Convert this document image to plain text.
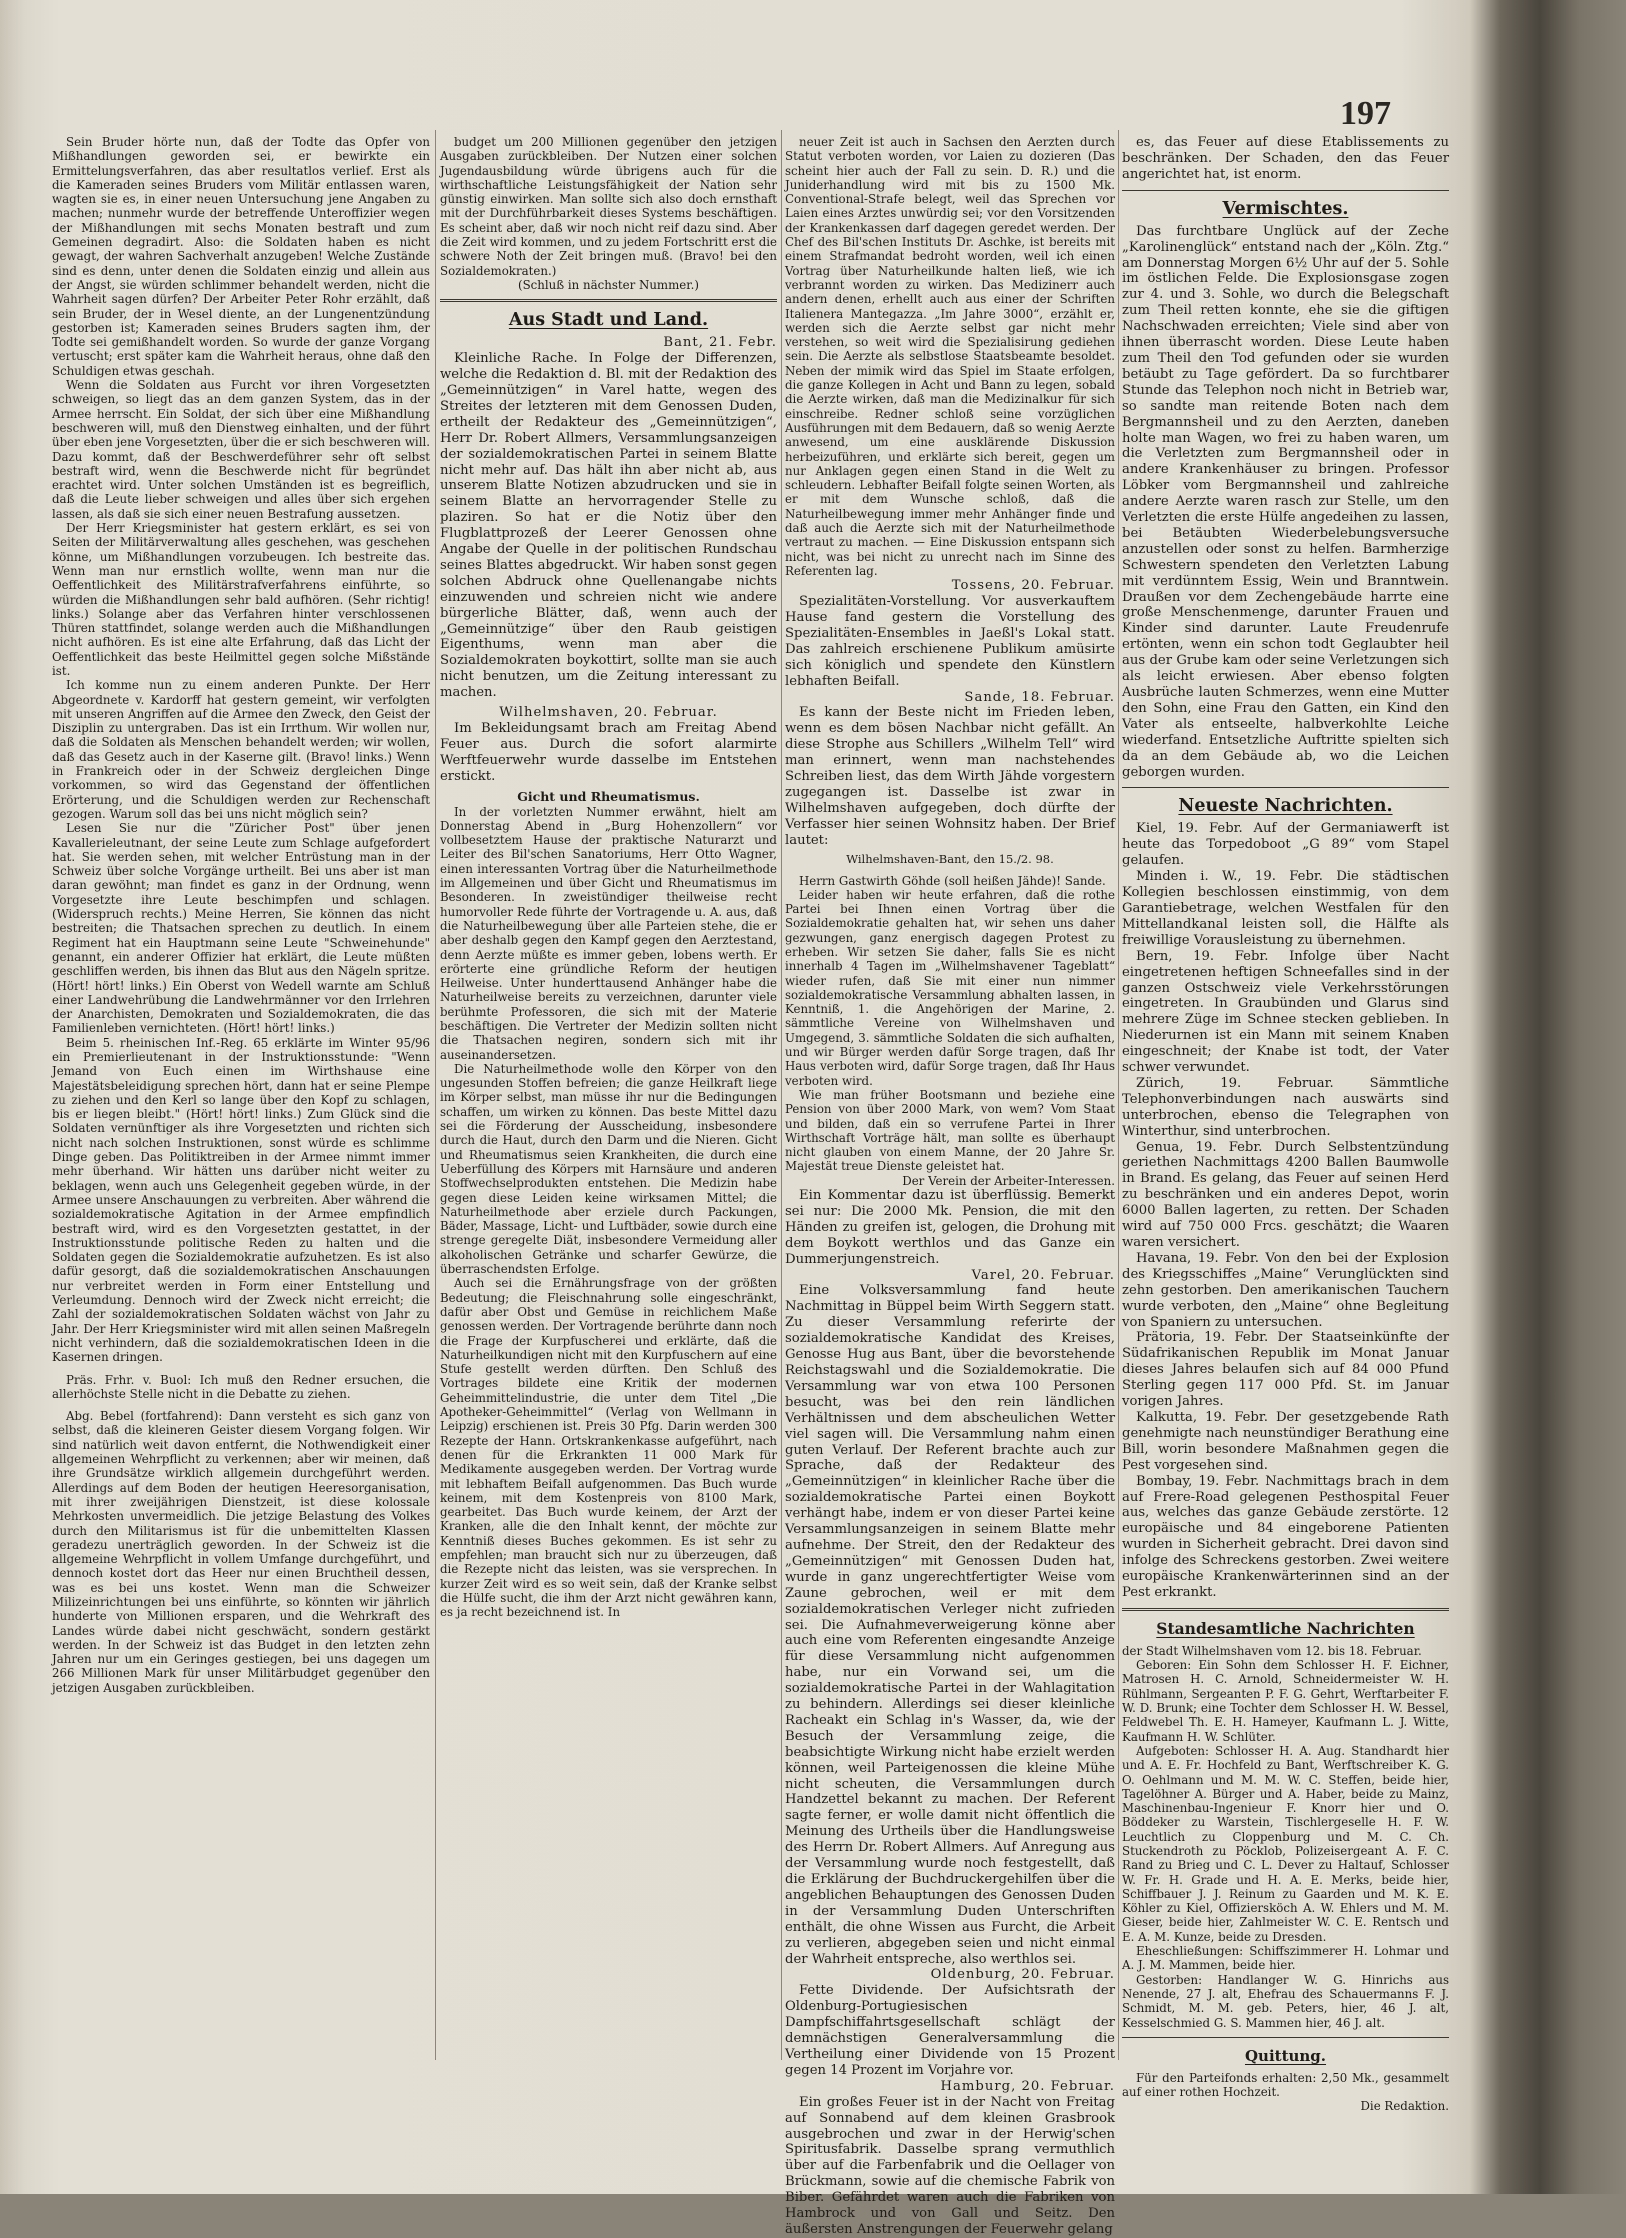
197

Sein Bruder hörte nun, daß der Todte das Opfer von Mißhandlungen geworden sei, er bewirkte ein Ermittelungsverfahren, das aber resultatlos verlief. Erst als die Kameraden seines Bruders vom Militär entlassen waren, wagten sie es, in einer neuen Untersuchung jene Angaben zu machen; nunmehr wurde der betreffende Unteroffizier wegen der Mißhandlungen mit sechs Monaten bestraft und zum Gemeinen degradirt. Also: die Soldaten haben es nicht gewagt, der wahren Sachverhalt anzugeben! Welche Zustände sind es denn, unter denen die Soldaten einzig und allein aus der Angst, sie würden schlimmer behandelt werden, nicht die Wahrheit sagen dürfen? Der Arbeiter Peter Rohr erzählt, daß sein Bruder, der in Wesel diente, an der Lungenentzündung gestorben ist; Kameraden seines Bruders sagten ihm, der Todte sei gemißhandelt worden. So wurde der ganze Vorgang vertuscht; erst später kam die Wahrheit heraus, ohne daß den Schuldigen etwas geschah.

Wenn die Soldaten aus Furcht vor ihren Vorgesetzten schweigen, so liegt das an dem ganzen System, das in der Armee herrscht. Ein Soldat, der sich über eine Mißhandlung beschweren will, muß den Dienstweg einhalten, und der führt über eben jene Vorgesetzten, über die er sich beschweren will. Dazu kommt, daß der Beschwerdeführer sehr oft selbst bestraft wird, wenn die Beschwerde nicht für begründet erachtet wird. Unter solchen Umständen ist es begreiflich, daß die Leute lieber schweigen und alles über sich ergehen lassen, als daß sie sich einer neuen Bestrafung aussetzen.

Der Herr Kriegsminister hat gestern erklärt, es sei von Seiten der Militärverwaltung alles geschehen, was geschehen könne, um Mißhandlungen vorzubeugen. Ich bestreite das. Wenn man nur ernstlich wollte, wenn man nur die Oeffentlichkeit des Militärstrafverfahrens einführte, so würden die Mißhandlungen sehr bald aufhören. (Sehr richtig! links.) Solange aber das Verfahren hinter verschlossenen Thüren stattfindet, solange werden auch die Mißhandlungen nicht aufhören. Es ist eine alte Erfahrung, daß das Licht der Oeffentlichkeit das beste Heilmittel gegen solche Mißstände ist.

Ich komme nun zu einem anderen Punkte. Der Herr Abgeordnete v. Kardorff hat gestern gemeint, wir verfolgten mit unseren Angriffen auf die Armee den Zweck, den Geist der Disziplin zu untergraben. Das ist ein Irrthum. Wir wollen nur, daß die Soldaten als Menschen behandelt werden; wir wollen, daß das Gesetz auch in der Kaserne gilt. (Bravo! links.) Wenn in Frankreich oder in der Schweiz dergleichen Dinge vorkommen, so wird das Gegenstand der öffentlichen Erörterung, und die Schuldigen werden zur Rechenschaft gezogen. Warum soll das bei uns nicht möglich sein?

Lesen Sie nur die "Züricher Post" über jenen Kavallerieleutnant, der seine Leute zum Schlage aufgefordert hat. Sie werden sehen, mit welcher Entrüstung man in der Schweiz über solche Vorgänge urtheilt. Bei uns aber ist man daran gewöhnt; man findet es ganz in der Ordnung, wenn Vorgesetzte ihre Leute beschimpfen und schlagen. (Widerspruch rechts.) Meine Herren, Sie können das nicht bestreiten; die Thatsachen sprechen zu deutlich. In einem Regiment hat ein Hauptmann seine Leute "Schweinehunde" genannt, ein anderer Offizier hat erklärt, die Leute müßten geschliffen werden, bis ihnen das Blut aus den Nägeln spritze. (Hört! hört! links.) Ein Oberst von Wedell warnte am Schluß einer Landwehrübung die Landwehrmänner vor den Irrlehren der Anarchisten, Demokraten und Sozialdemokraten, die das Familienleben vernichteten. (Hört! hört! links.)

Beim 5. rheinischen Inf.-Reg. 65 erklärte im Winter 95/96 ein Premierlieutenant in der Instruktionsstunde: "Wenn Jemand von Euch einen im Wirthshause eine Majestätsbeleidigung sprechen hört, dann hat er seine Plempe zu ziehen und den Kerl so lange über den Kopf zu schlagen, bis er liegen bleibt." (Hört! hört! links.) Zum Glück sind die Soldaten vernünftiger als ihre Vorgesetzten und richten sich nicht nach solchen Instruktionen, sonst würde es schlimme Dinge geben. Das Politiktreiben in der Armee nimmt immer mehr überhand. Wir hätten uns darüber nicht weiter zu beklagen, wenn auch uns Gelegenheit gegeben würde, in der Armee unsere Anschauungen zu verbreiten. Aber während die sozialdemokratische Agitation in der Armee empfindlich bestraft wird, wird es den Vorgesetzten gestattet, in der Instruktionsstunde politische Reden zu halten und die Soldaten gegen die Sozialdemokratie aufzuhetzen. Es ist also dafür gesorgt, daß die sozialdemokratischen Anschauungen nur verbreitet werden in Form einer Entstellung und Verleumdung. Dennoch wird der Zweck nicht erreicht; die Zahl der sozialdemokratischen Soldaten wächst von Jahr zu Jahr. Der Herr Kriegsminister wird mit allen seinen Maßregeln nicht verhindern, daß die sozialdemokratischen Ideen in die Kasernen dringen.

Präs. Frhr. v. Buol: Ich muß den Redner ersuchen, die allerhöchste Stelle nicht in die Debatte zu ziehen.

Abg. Bebel (fortfahrend): Dann versteht es sich ganz von selbst, daß die kleineren Geister diesem Vorgang folgen. Wir sind natürlich weit davon entfernt, die Nothwendigkeit einer allgemeinen Wehrpflicht zu verkennen; aber wir meinen, daß ihre Grundsätze wirklich allgemein durchgeführt werden. Allerdings auf dem Boden der heutigen Heeresorganisation, mit ihrer zweijährigen Dienstzeit, ist diese kolossale Mehrkosten unvermeidlich. Die jetzige Belastung des Volkes durch den Militarismus ist für die unbemittelten Klassen geradezu unerträglich geworden. In der Schweiz ist die allgemeine Wehrpflicht in vollem Umfange durchgeführt, und dennoch kostet dort das Heer nur einen Bruchtheil dessen, was es bei uns kostet. Wenn man die Schweizer Milizeinrichtungen bei uns einführte, so könnten wir jährlich hunderte von Millionen ersparen, und die Wehrkraft des Landes würde dabei nicht geschwächt, sondern gestärkt werden. In der Schweiz ist das Budget in den letzten zehn Jahren nur um ein Geringes gestiegen, bei uns dagegen um 266 Millionen Mark für unser Militärbudget gegenüber den jetzigen Ausgaben zurückbleiben.

budget um 200 Millionen gegenüber den jetzigen Ausgaben zurückbleiben. Der Nutzen einer solchen Jugendausbildung würde übrigens auch für die wirthschaftliche Leistungsfähigkeit der Nation sehr günstig einwirken. Man sollte sich also doch ernsthaft mit der Durchführbarkeit dieses Systems beschäftigen. Es scheint aber, daß wir noch nicht reif dazu sind. Aber die Zeit wird kommen, und zu jedem Fortschritt erst die schwere Noth der Zeit bringen muß. (Bravo! bei den Sozialdemokraten.)

(Schluß in nächster Nummer.)

Aus Stadt und Land.

Bant, 21. Febr.

Kleinliche Rache. In Folge der Differenzen, welche die Redaktion d. Bl. mit der Redaktion des „Gemeinnützigen“ in Varel hatte, wegen des Streites der letzteren mit dem Genossen Duden, ertheilt der Redakteur des „Gemeinnützigen“, Herr Dr. Robert Allmers, Versammlungsanzeigen der sozialdemokratischen Partei in seinem Blatte nicht mehr auf. Das hält ihn aber nicht ab, aus unserem Blatte Notizen abzudrucken und sie in seinem Blatte an hervorragender Stelle zu plaziren. So hat er die Notiz über den Flugblattprozeß der Leerer Genossen ohne Angabe der Quelle in der politischen Rundschau seines Blattes abgedruckt. Wir haben sonst gegen solchen Abdruck ohne Quellenangabe nichts einzuwenden und schreien nicht wie andere bürgerliche Blätter, daß, wenn auch der „Gemeinnützige“ über den Raub geistigen Eigenthums, wenn man aber die Sozialdemokraten boykottirt, sollte man sie auch nicht benutzen, um die Zeitung interessant zu machen.

Wilhelmshaven, 20. Februar.

Im Bekleidungsamt brach am Freitag Abend Feuer aus. Durch die sofort alarmirte Werftfeuerwehr wurde dasselbe im Entstehen erstickt.

Gicht und Rheumatismus.

In der vorletzten Nummer erwähnt, hielt am Donnerstag Abend in „Burg Hohenzollern“ vor vollbesetztem Hause der praktische Naturarzt und Leiter des Bil'schen Sanatoriums, Herr Otto Wagner, einen interessanten Vortrag über die Naturheilmethode im Allgemeinen und über Gicht und Rheumatismus im Besonderen. In zweistündiger theilweise recht humorvoller Rede führte der Vortragende u. A. aus, daß die Naturheilbewegung über alle Parteien stehe, die er aber deshalb gegen den Kampf gegen den Aerztestand, denn Aerzte müßte es immer geben, lobens werth. Er erörterte eine gründliche Reform der heutigen Heilweise. Unter hunderttausend Anhänger habe die Naturheilweise bereits zu verzeichnen, darunter viele berühmte Professoren, die sich mit der Materie beschäftigen. Die Vertreter der Medizin sollten nicht die Thatsachen negiren, sondern sich mit ihr auseinandersetzen.

Die Naturheilmethode wolle den Körper von den ungesunden Stoffen befreien; die ganze Heilkraft liege im Körper selbst, man müsse ihr nur die Bedingungen schaffen, um wirken zu können. Das beste Mittel dazu sei die Förderung der Ausscheidung, insbesondere durch die Haut, durch den Darm und die Nieren. Gicht und Rheumatismus seien Krankheiten, die durch eine Ueberfüllung des Körpers mit Harnsäure und anderen Stoffwechselprodukten entstehen. Die Medizin habe gegen diese Leiden keine wirksamen Mittel; die Naturheilmethode aber erziele durch Packungen, Bäder, Massage, Licht- und Luftbäder, sowie durch eine strenge geregelte Diät, insbesondere Vermeidung aller alkoholischen Getränke und scharfer Gewürze, die überraschendsten Erfolge.

Auch sei die Ernährungsfrage von der größten Bedeutung; die Fleischnahrung solle eingeschränkt, dafür aber Obst und Gemüse in reichlichem Maße genossen werden. Der Vortragende berührte dann noch die Frage der Kurpfuscherei und erklärte, daß die Naturheilkundigen nicht mit den Kurpfuschern auf eine Stufe gestellt werden dürften. Den Schluß des Vortrages bildete eine Kritik der modernen Geheimmittelindustrie, die unter dem Titel „Die Apotheker-Geheimmittel“ (Verlag von Wellmann in Leipzig) erschienen ist. Preis 30 Pfg. Darin werden 300 Rezepte der Hann. Ortskrankenkasse aufgeführt, nach denen für die Erkrankten 11 000 Mark für Medikamente ausgegeben werden. Der Vortrag wurde mit lebhaftem Beifall aufgenommen. Das Buch wurde keinem, mit dem Kostenpreis von 8100 Mark, gearbeitet. Das Buch wurde keinem, der Arzt der Kranken, alle die den Inhalt kennt, der möchte zur Kenntniß dieses Buches gekommen. Es ist sehr zu empfehlen; man braucht sich nur zu überzeugen, daß die Rezepte nicht das leisten, was sie versprechen. In kurzer Zeit wird es so weit sein, daß der Kranke selbst die Hülfe sucht, die ihm der Arzt nicht gewähren kann, es ja recht bezeichnend ist. In

neuer Zeit ist auch in Sachsen den Aerzten durch Statut verboten worden, vor Laien zu dozieren (Das scheint hier auch der Fall zu sein. D. R.) und die Juniderhandlung wird mit bis zu 1500 Mk. Conventional-Strafe belegt, weil das Sprechen vor Laien eines Arztes unwürdig sei; vor den Vorsitzenden der Krankenkassen darf dagegen geredet werden. Der Chef des Bil'schen Instituts Dr. Aschke, ist bereits mit einem Strafmandat bedroht worden, weil ich einen Vortrag über Naturheilkunde halten ließ, wie ich verbrannt worden zu wirken. Das Medizinerr auch andern denen, erhellt auch aus einer der Schriften Italienera Mantegazza. „Im Jahre 3000“, erzählt er, werden sich die Aerzte selbst gar nicht mehr verstehen, so weit wird die Spezialisirung gediehen sein. Die Aerzte als selbstlose Staatsbeamte besoldet. Neben der mimik wird das Spiel im Staate erfolgen, die ganze Kollegen in Acht und Bann zu legen, sobald die Aerzte wirken, daß man die Medizinalkur für sich einschreibe. Redner schloß seine vorzüglichen Ausführungen mit dem Bedauern, daß so wenig Aerzte anwesend, um eine ausklärende Diskussion herbeizuführen, und erklärte sich bereit, gegen um nur Anklagen gegen einen Stand in die Welt zu schleudern. Lebhafter Beifall folgte seinen Worten, als er mit dem Wunsche schloß, daß die Naturheilbewegung immer mehr Anhänger finde und daß auch die Aerzte sich mit der Naturheilmethode vertraut zu machen. — Eine Diskussion entspann sich nicht, was bei nicht zu unrecht nach im Sinne des Referenten lag.

Tossens, 20. Februar.

Spezialitäten-Vorstellung. Vor ausverkauftem Hause fand gestern die Vorstellung des Spezialitäten-Ensembles in Jaeßl's Lokal statt. Das zahlreich erschienene Publikum amüsirte sich königlich und spendete den Künstlern lebhaften Beifall.

Sande, 18. Februar.

Es kann der Beste nicht im Frieden leben, wenn es dem bösen Nachbar nicht gefällt. An diese Strophe aus Schillers „Wilhelm Tell“ wird man erinnert, wenn man nachstehendes Schreiben liest, das dem Wirth Jähde vorgestern zugegangen ist. Dasselbe ist zwar in Wilhelmshaven aufgegeben, doch dürfte der Verfasser hier seinen Wohnsitz haben. Der Brief lautet:

Wilhelmshaven-Bant, den 15./2. 98.

Herrn Gastwirth Göhde (soll heißen Jähde)! Sande.

Leider haben wir heute erfahren, daß die rothe Partei bei Ihnen einen Vortrag über die Sozialdemokratie gehalten hat, wir sehen uns daher gezwungen, ganz energisch dagegen Protest zu erheben. Wir setzen Sie daher, falls Sie es nicht innerhalb 4 Tagen im „Wilhelmshavener Tageblatt“ wieder rufen, daß Sie mit einer nun nimmer sozialdemokratische Versammlung abhalten lassen, in Kenntniß, 1. die Angehörigen der Marine, 2. sämmtliche Vereine von Wilhelmshaven und Umgegend, 3. sämmtliche Soldaten die sich aufhalten, und wir Bürger werden dafür Sorge tragen, daß Ihr Haus verboten wird, dafür Sorge tragen, daß Ihr Haus verboten wird.

Wie man früher Bootsmann und beziehe eine Pension von über 2000 Mark, von wem? Vom Staat und bilden, daß ein so verrufene Partei in Ihrer Wirthschaft Vorträge hält, man sollte es überhaupt nicht glauben von einem Manne, der 20 Jahre Sr. Majestät treue Dienste geleistet hat.

Der Verein der Arbeiter-Interessen.

Ein Kommentar dazu ist überflüssig. Bemerkt sei nur: Die 2000 Mk. Pension, die mit den Händen zu greifen ist, gelogen, die Drohung mit dem Boykott werthlos und das Ganze ein Dummerjungenstreich.

Varel, 20. Februar.

Eine Volksversammlung fand heute Nachmittag in Büppel beim Wirth Seggern statt. Zu dieser Versammlung referirte der sozialdemokratische Kandidat des Kreises, Genosse Hug aus Bant, über die bevorstehende Reichstagswahl und die Sozialdemokratie. Die Versammlung war von etwa 100 Personen besucht, was bei den rein ländlichen Verhältnissen und dem abscheulichen Wetter viel sagen will. Die Versammlung nahm einen guten Verlauf. Der Referent brachte auch zur Sprache, daß der Redakteur des „Gemeinnützigen“ in kleinlicher Rache über die sozialdemokratische Partei einen Boykott verhängt habe, indem er von dieser Partei keine Versammlungsanzeigen in seinem Blatte mehr aufnehme. Der Streit, den der Redakteur des „Gemeinnützigen“ mit Genossen Duden hat, wurde in ganz ungerechtfertigter Weise vom Zaune gebrochen, weil er mit dem sozialdemokratischen Verleger nicht zufrieden sei. Die Aufnahmeverweigerung könne aber auch eine vom Referenten eingesandte Anzeige für diese Versammlung nicht aufgenommen habe, nur ein Vorwand sei, um die sozialdemokratische Partei in der Wahlagitation zu behindern. Allerdings sei dieser kleinliche Racheakt ein Schlag in's Wasser, da, wie der Besuch der Versammlung zeige, die beabsichtigte Wirkung nicht habe erzielt werden können, weil Parteigenossen die kleine Mühe nicht scheuten, die Versammlungen durch Handzettel bekannt zu machen. Der Referent sagte ferner, er wolle damit nicht öffentlich die Meinung des Urtheils über die Handlungsweise des Herrn Dr. Robert Allmers. Auf Anregung aus der Versammlung wurde noch festgestellt, daß die Erklärung der Buchdruckergehilfen über die angeblichen Behauptungen des Genossen Duden in der Versammlung Duden Unterschriften enthält, die ohne Wissen aus Furcht, die Arbeit zu verlieren, abgegeben seien und nicht einmal der Wahrheit entspreche, also werthlos sei.

Oldenburg, 20. Februar.

Fette Dividende. Der Aufsichtsrath der Oldenburg-Portugiesischen Dampfschiffahrtsgesellschaft schlägt der demnächstigen Generalversammlung die Vertheilung einer Dividende von 15 Prozent gegen 14 Prozent im Vorjahre vor.

Hamburg, 20. Februar.

Ein großes Feuer ist in der Nacht von Freitag auf Sonnabend auf dem kleinen Grasbrook ausgebrochen und zwar in der Herwig'schen Spiritusfabrik. Dasselbe sprang vermuthlich über auf die Farbenfabrik und die Oellager von Brückmann, sowie auf die chemische Fabrik von Biber. Gefährdet waren auch die Fabriken von Hambrock und von Gall und Seitz. Den äußersten Anstrengungen der Feuerwehr gelang

es, das Feuer auf diese Etablissements zu beschränken. Der Schaden, den das Feuer angerichtet hat, ist enorm.

Vermischtes.

Das furchtbare Unglück auf der Zeche „Karolinenglück“ entstand nach der „Köln. Ztg.“ am Donnerstag Morgen 6½ Uhr auf der 5. Sohle im östlichen Felde. Die Explosionsgase zogen zur 4. und 3. Sohle, wo durch die Belegschaft zum Theil retten konnte, ehe sie die giftigen Nachschwaden erreichten; Viele sind aber von ihnen überrascht worden. Diese Leute haben zum Theil den Tod gefunden oder sie wurden betäubt zu Tage gefördert. Da so furchtbarer Stunde das Telephon noch nicht in Betrieb war, so sandte man reitende Boten nach dem Bergmannsheil und zu den Aerzten, daneben holte man Wagen, wo frei zu haben waren, um die Verletzten zum Bergmannsheil oder in andere Krankenhäuser zu bringen. Professor Löbker vom Bergmannsheil und zahlreiche andere Aerzte waren rasch zur Stelle, um den Verletzten die erste Hülfe angedeihen zu lassen, bei Betäubten Wiederbelebungsversuche anzustellen oder sonst zu helfen. Barmherzige Schwestern spendeten den Verletzten Labung mit verdünntem Essig, Wein und Branntwein. Draußen vor dem Zechengebäude harrte eine große Menschenmenge, darunter Frauen und Kinder sind darunter. Laute Freudenrufe ertönten, wenn ein schon todt Geglaubter heil aus der Grube kam oder seine Verletzungen sich als leicht erwiesen. Aber ebenso folgten Ausbrüche lauten Schmerzes, wenn eine Mutter den Sohn, eine Frau den Gatten, ein Kind den Vater als entseelte, halbverkohlte Leiche wiederfand. Entsetzliche Auftritte spielten sich da an dem Gebäude ab, wo die Leichen geborgen wurden.

Neueste Nachrichten.

Kiel, 19. Febr. Auf der Germaniawerft ist heute das Torpedoboot „G 89“ vom Stapel gelaufen.

Minden i. W., 19. Febr. Die städtischen Kollegien beschlossen einstimmig, von dem Garantiebetrage, welchen Westfalen für den Mittellandkanal leisten soll, die Hälfte als freiwillige Vorausleistung zu übernehmen.

Bern, 19. Febr. Infolge über Nacht eingetretenen heftigen Schneefalles sind in der ganzen Ostschweiz viele Verkehrsstörungen eingetreten. In Graubünden und Glarus sind mehrere Züge im Schnee stecken geblieben. In Niederurnen ist ein Mann mit seinem Knaben eingeschneit; der Knabe ist todt, der Vater schwer verwundet.

Zürich, 19. Februar. Sämmtliche Telephonverbindungen nach auswärts sind unterbrochen, ebenso die Telegraphen von Winterthur, sind unterbrochen.

Genua, 19. Febr. Durch Selbstentzündung geriethen Nachmittags 4200 Ballen Baumwolle in Brand. Es gelang, das Feuer auf seinen Herd zu beschränken und ein anderes Depot, worin 6000 Ballen lagerten, zu retten. Der Schaden wird auf 750 000 Frcs. geschätzt; die Waaren waren versichert.

Havana, 19. Febr. Von den bei der Explosion des Kriegsschiffes „Maine“ Verunglückten sind zehn gestorben. Den amerikanischen Tauchern wurde verboten, den „Maine“ ohne Begleitung von Spaniern zu untersuchen.

Prätoria, 19. Febr. Der Staatseinkünfte der Südafrikanischen Republik im Monat Januar dieses Jahres belaufen sich auf 84 000 Pfund Sterling gegen 117 000 Pfd. St. im Januar vorigen Jahres.

Kalkutta, 19. Febr. Der gesetzgebende Rath genehmigte nach neunstündiger Berathung eine Bill, worin besondere Maßnahmen gegen die Pest vorgesehen sind.

Bombay, 19. Febr. Nachmittags brach in dem auf Frere-Road gelegenen Pesthospital Feuer aus, welches das ganze Gebäude zerstörte. 12 europäische und 84 eingeborene Patienten wurden in Sicherheit gebracht. Drei davon sind infolge des Schreckens gestorben. Zwei weitere europäische Krankenwärterinnen sind an der Pest erkrankt.

Standesamtliche Nachrichten

der Stadt Wilhelmshaven vom 12. bis 18. Februar.

Geboren: Ein Sohn dem Schlosser H. F. Eichner, Matrosen H. C. Arnold, Schneidermeister W. H. Rühlmann, Sergeanten P. F. G. Gehrt, Werftarbeiter F. W. D. Brunk; eine Tochter dem Schlosser H. W. Bessel, Feldwebel Th. E. H. Hameyer, Kaufmann L. J. Witte, Kaufmann H. W. Schlüter.

Aufgeboten: Schlosser H. A. Aug. Standhardt hier und A. E. Fr. Hochfeld zu Bant, Werftschreiber K. G. O. Oehlmann und M. M. W. C. Steffen, beide hier, Tagelöhner A. Bürger und A. Haber, beide zu Mainz, Maschinenbau-Ingenieur F. Knorr hier und O. Böddeker zu Warstein, Tischlergeselle H. F. W. Leuchtlich zu Cloppenburg und M. C. Ch. Stuckendroth zu Pöcklob, Polizeisergeant A. F. C. Rand zu Brieg und C. L. Dever zu Haltauf, Schlosser W. Fr. H. Grade und H. A. E. Merks, beide hier, Schiffbauer J. J. Reinum zu Gaarden und M. K. E. Köhler zu Kiel, Offiziersköch A. W. Ehlers und M. M. Gieser, beide hier, Zahlmeister W. C. E. Rentsch und E. A. M. Kunze, beide zu Dresden.

Eheschließungen: Schiffszimmerer H. Lohmar und A. J. M. Mammen, beide hier.

Gestorben: Handlanger W. G. Hinrichs aus Nenende, 27 J. alt, Ehefrau des Schauermanns F. J. Schmidt, M. M. geb. Peters, hier, 46 J. alt, Kesselschmied G. S. Mammen hier, 46 J. alt.

Quittung.

Für den Parteifonds erhalten: 2,50 Mk., gesammelt auf einer rothen Hochzeit.

Die Redaktion.
